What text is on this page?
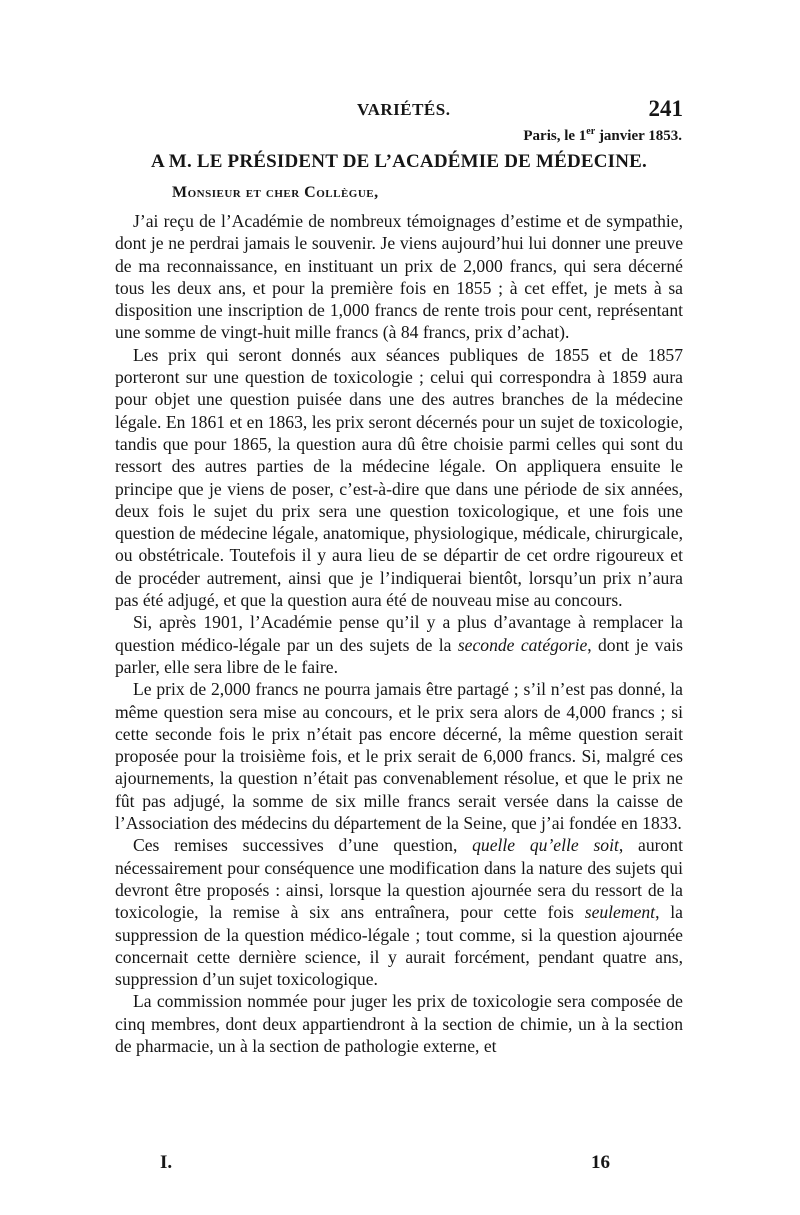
VARIÉTÉS.	241
Paris, le 1er janvier 1853.
A M. LE PRÉSIDENT DE L’ACADÉMIE DE MÉDECINE.
Monsieur et cher Collègue,

J’ai reçu de l’Académie de nombreux témoignages d’estime et de sympathie, dont je ne perdrai jamais le souvenir. Je viens aujourd’hui lui donner une preuve de ma reconnaissance, en instituant un prix de 2,000 francs, qui sera décerné tous les deux ans, et pour la première fois en 1855 ; à cet effet, je mets à sa disposition une inscription de 1,000 francs de rente trois pour cent, représentant une somme de vingt-huit mille francs (à 84 francs, prix d’achat).

Les prix qui seront donnés aux séances publiques de 1855 et de 1857 porteront sur une question de toxicologie ; celui qui correspondra à 1859 aura pour objet une question puisée dans une des autres branches de la médecine légale. En 1861 et en 1863, les prix seront décernés pour un sujet de toxicologie, tandis que pour 1865, la question aura dû être choisie parmi celles qui sont du ressort des autres parties de la médecine légale. On appliquera ensuite le principe que je viens de poser, c’est-à-dire que dans une période de six années, deux fois le sujet du prix sera une question toxicologique, et une fois une question de médecine légale, anatomique, physiologique, médicale, chirurgicale, ou obstétricale. Toutefois il y aura lieu de se départir de cet ordre rigoureux et de procéder autrement, ainsi que je l’indiquerai bientôt, lorsqu’un prix n’aura pas été adjugé, et que la question aura été de nouveau mise au concours.

Si, après 1901, l’Académie pense qu’il y a plus d’avantage à remplacer la question médico-légale par un des sujets de la seconde catégorie, dont je vais parler, elle sera libre de le faire.

Le prix de 2,000 francs ne pourra jamais être partagé ; s’il n’est pas donné, la même question sera mise au concours, et le prix sera alors de 4,000 francs ; si cette seconde fois le prix n’était pas encore décerné, la même question serait proposée pour la troisième fois, et le prix serait de 6,000 francs. Si, malgré ces ajournements, la question n’était pas convenablement résolue, et que le prix ne fût pas adjugé, la somme de six mille francs serait versée dans la caisse de l’Association des médecins du département de la Seine, que j’ai fondée en 1833.

Ces remises successives d’une question, quelle qu’elle soit, auront nécessairement pour conséquence une modification dans la nature des sujets qui devront être proposés : ainsi, lorsque la question ajournée sera du ressort de la toxicologie, la remise à six ans entraînera, pour cette fois seulement, la suppression de la question médico-légale ; tout comme, si la question ajournée concernait cette dernière science, il y aurait forcément, pendant quatre ans, suppression d’un sujet toxicologique.

La commission nommée pour juger les prix de toxicologie sera composée de cinq membres, dont deux appartiendront à la section de chimie, un à la section de pharmacie, un à la section de pathologie externe, et

I.	16
